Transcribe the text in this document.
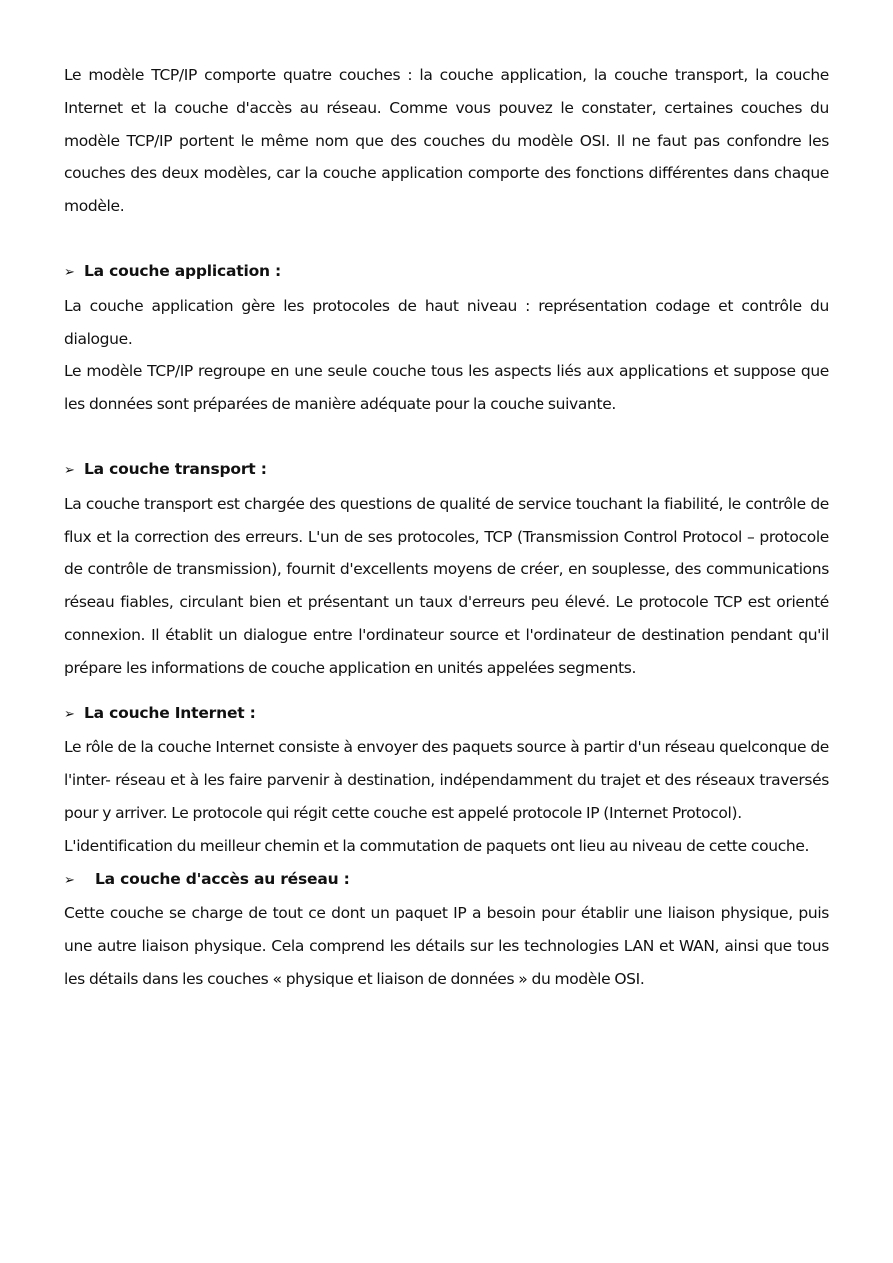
Le modèle TCP/IP comporte quatre couches : la couche application, la couche transport, la couche Internet et la couche d'accès au réseau. Comme vous pouvez le constater, certaines couches du modèle TCP/IP portent le même nom que des couches du modèle OSI. Il ne faut pas confondre les couches des deux modèles, car la couche application comporte des fonctions différentes dans chaque modèle.

➢ La couche application :

La couche application gère les protocoles de haut niveau : représentation codage et contrôle du dialogue.

Le modèle TCP/IP regroupe en une seule couche tous les aspects liés aux applications et suppose que les données sont préparées de manière adéquate pour la couche suivante.

➢ La couche transport :

La couche transport est chargée des questions de qualité de service touchant la fiabilité, le contrôle de flux et la correction des erreurs. L'un de ses protocoles, TCP (Transmission Control Protocol – protocole de contrôle de transmission), fournit d'excellents moyens de créer, en souplesse, des communications réseau fiables, circulant bien et présentant un taux d'erreurs peu élevé. Le protocole TCP est orienté connexion. Il établit un dialogue entre l'ordinateur source et l'ordinateur de destination pendant qu'il prépare les informations de couche application en unités appelées segments.

➢ La couche Internet :

Le rôle de la couche Internet consiste à envoyer des paquets source à partir d'un réseau quelconque de l'inter- réseau et à les faire parvenir à destination, indépendamment du trajet et des réseaux traversés pour y arriver. Le protocole qui régit cette couche est appelé protocole IP (Internet Protocol).

L'identification du meilleur chemin et la commutation de paquets ont lieu au niveau de cette couche.

➢	La couche d'accès au réseau :

Cette couche se charge de tout ce dont un paquet IP a besoin pour établir une liaison physique, puis une autre liaison physique. Cela comprend les détails sur les technologies LAN et WAN, ainsi que tous les détails dans les couches « physique et liaison de données » du modèle OSI.
